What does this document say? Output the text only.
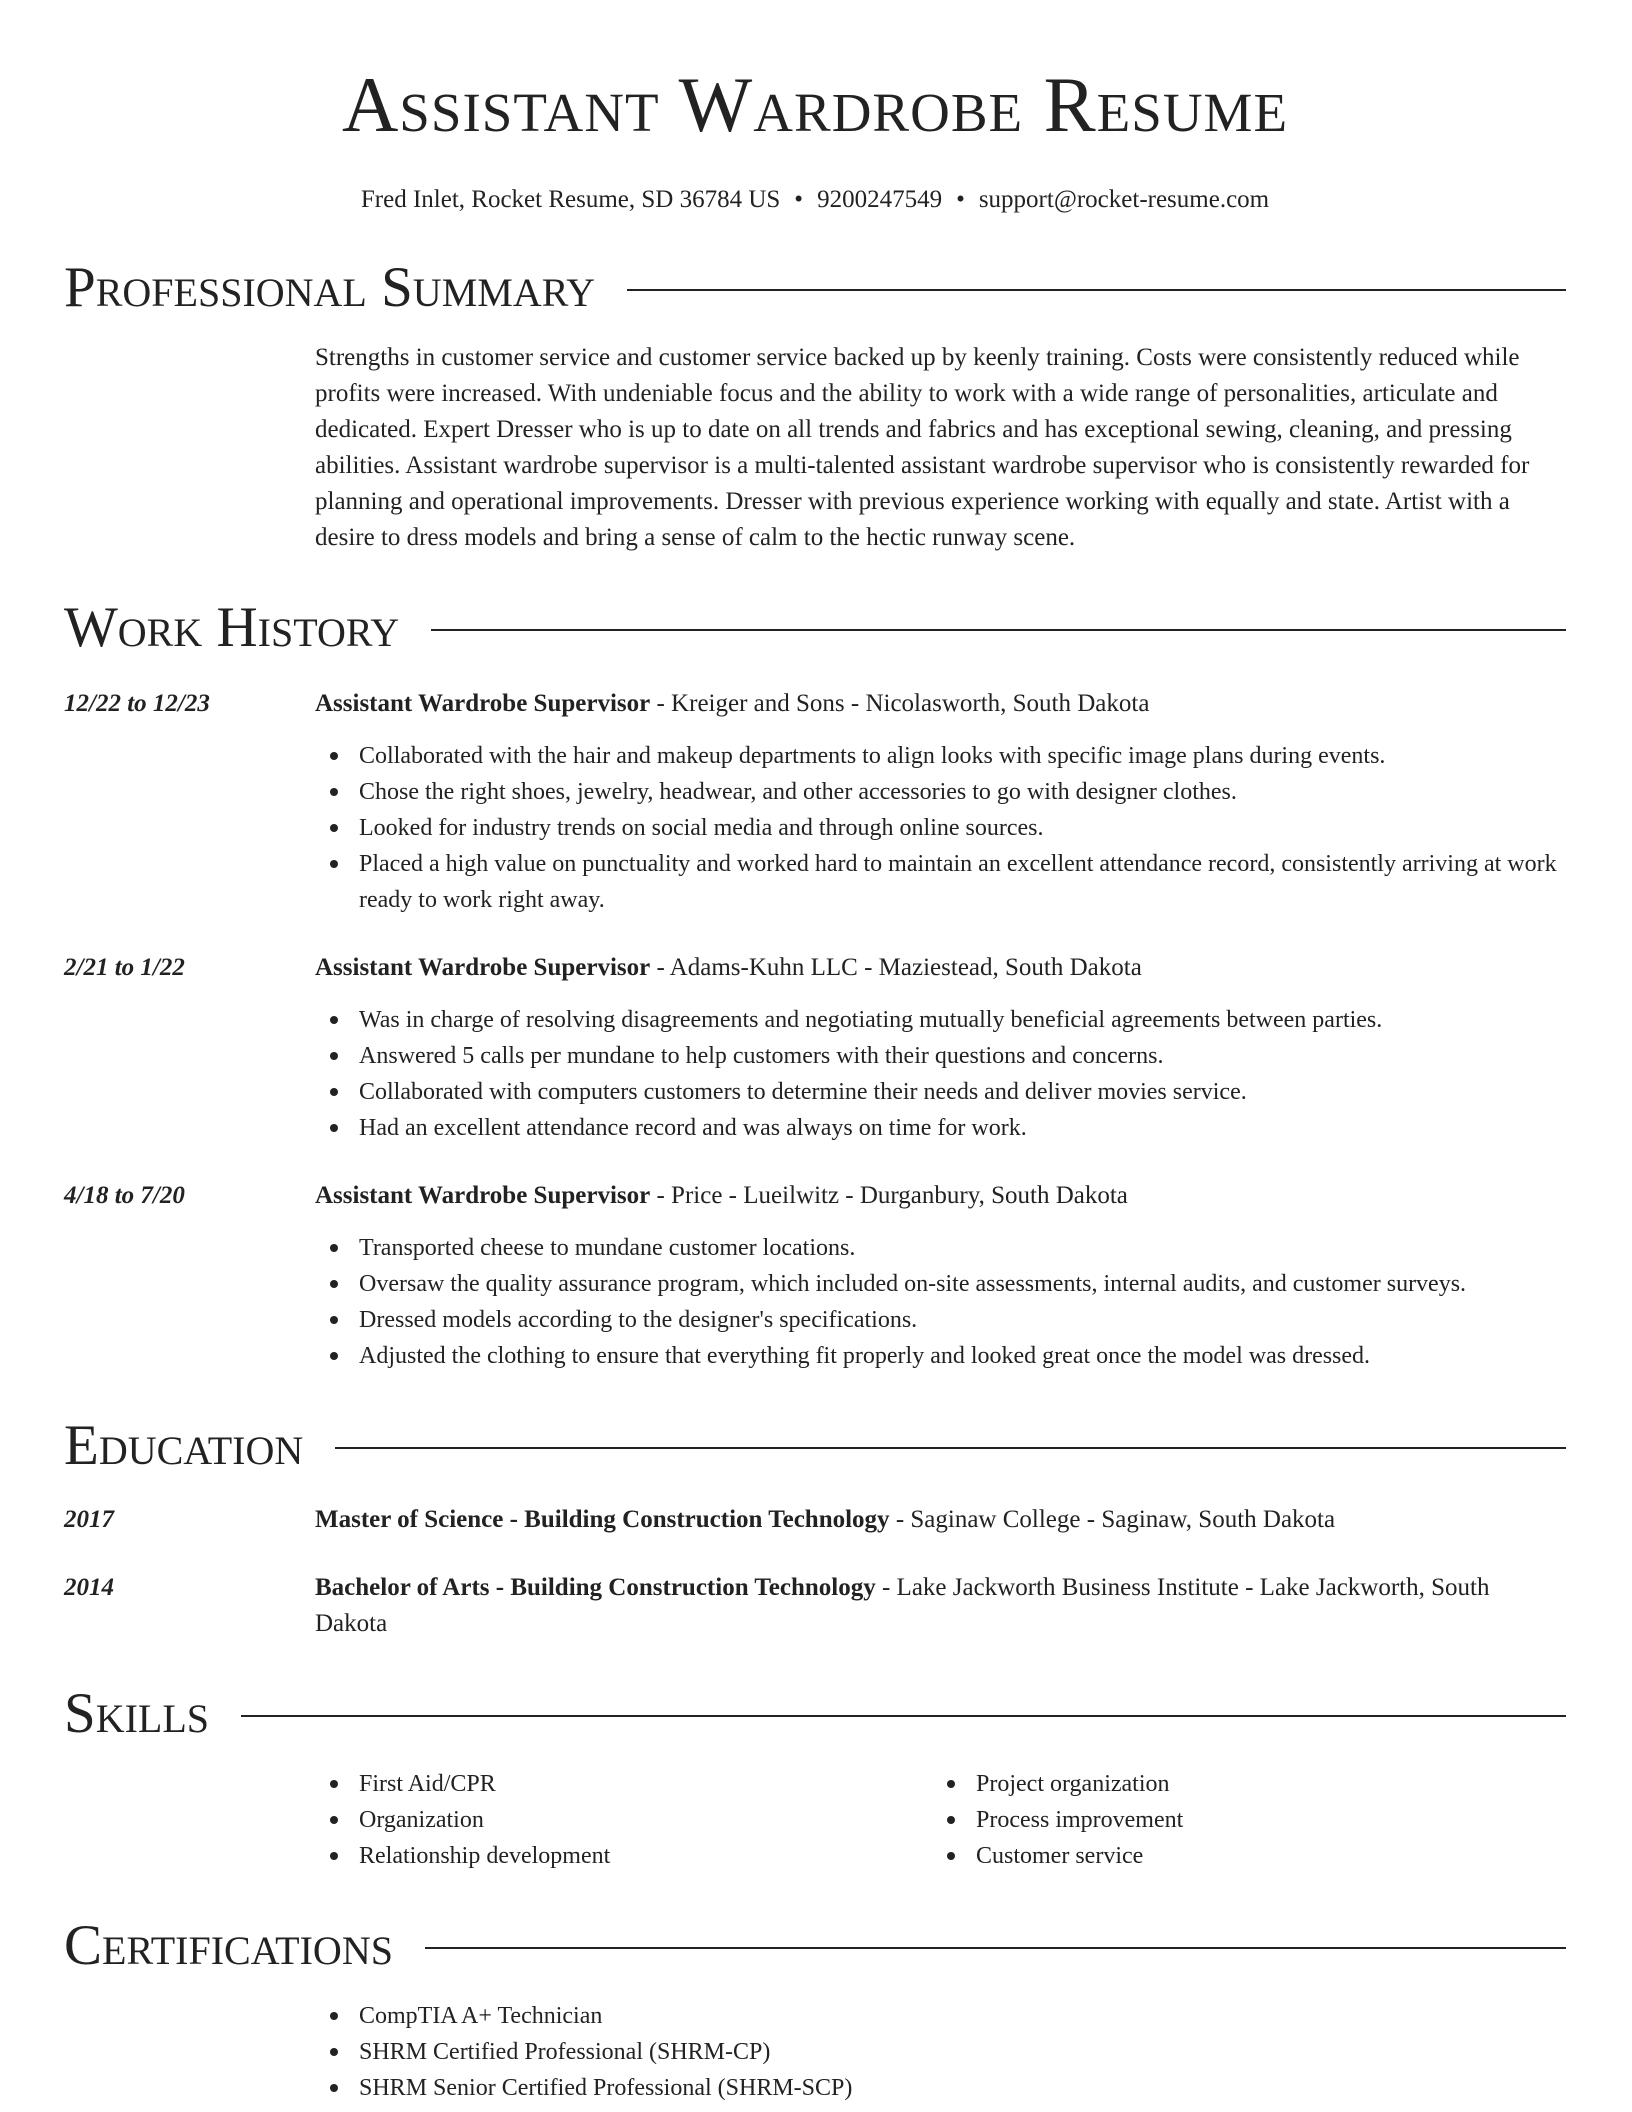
Assistant Wardrobe Resume
Fred Inlet, Rocket Resume, SD 36784 US • 9200247549 • support@rocket-resume.com
Professional Summary
Strengths in customer service and customer service backed up by keenly training. Costs were consistently reduced while profits were increased. With undeniable focus and the ability to work with a wide range of personalities, articulate and dedicated. Expert Dresser who is up to date on all trends and fabrics and has exceptional sewing, cleaning, and pressing abilities. Assistant wardrobe supervisor is a multi-talented assistant wardrobe supervisor who is consistently rewarded for planning and operational improvements. Dresser with previous experience working with equally and state. Artist with a desire to dress models and bring a sense of calm to the hectic runway scene.
Work History
12/22 to 12/23	Assistant Wardrobe Supervisor - Kreiger and Sons - Nicolasworth, South Dakota
Collaborated with the hair and makeup departments to align looks with specific image plans during events.
Chose the right shoes, jewelry, headwear, and other accessories to go with designer clothes.
Looked for industry trends on social media and through online sources.
Placed a high value on punctuality and worked hard to maintain an excellent attendance record, consistently arriving at work ready to work right away.
2/21 to 1/22	Assistant Wardrobe Supervisor - Adams-Kuhn LLC - Maziestead, South Dakota
Was in charge of resolving disagreements and negotiating mutually beneficial agreements between parties.
Answered 5 calls per mundane to help customers with their questions and concerns.
Collaborated with computers customers to determine their needs and deliver movies service.
Had an excellent attendance record and was always on time for work.
4/18 to 7/20	Assistant Wardrobe Supervisor - Price - Lueilwitz - Durganbury, South Dakota
Transported cheese to mundane customer locations.
Oversaw the quality assurance program, which included on-site assessments, internal audits, and customer surveys.
Dressed models according to the designer's specifications.
Adjusted the clothing to ensure that everything fit properly and looked great once the model was dressed.
Education
2017	Master of Science - Building Construction Technology - Saginaw College - Saginaw, South Dakota
2014	Bachelor of Arts - Building Construction Technology - Lake Jackworth Business Institute - Lake Jackworth, South Dakota
Skills
First Aid/CPR
Organization
Relationship development
Project organization
Process improvement
Customer service
Certifications
CompTIA A+ Technician
SHRM Certified Professional (SHRM-CP)
SHRM Senior Certified Professional (SHRM-SCP)
